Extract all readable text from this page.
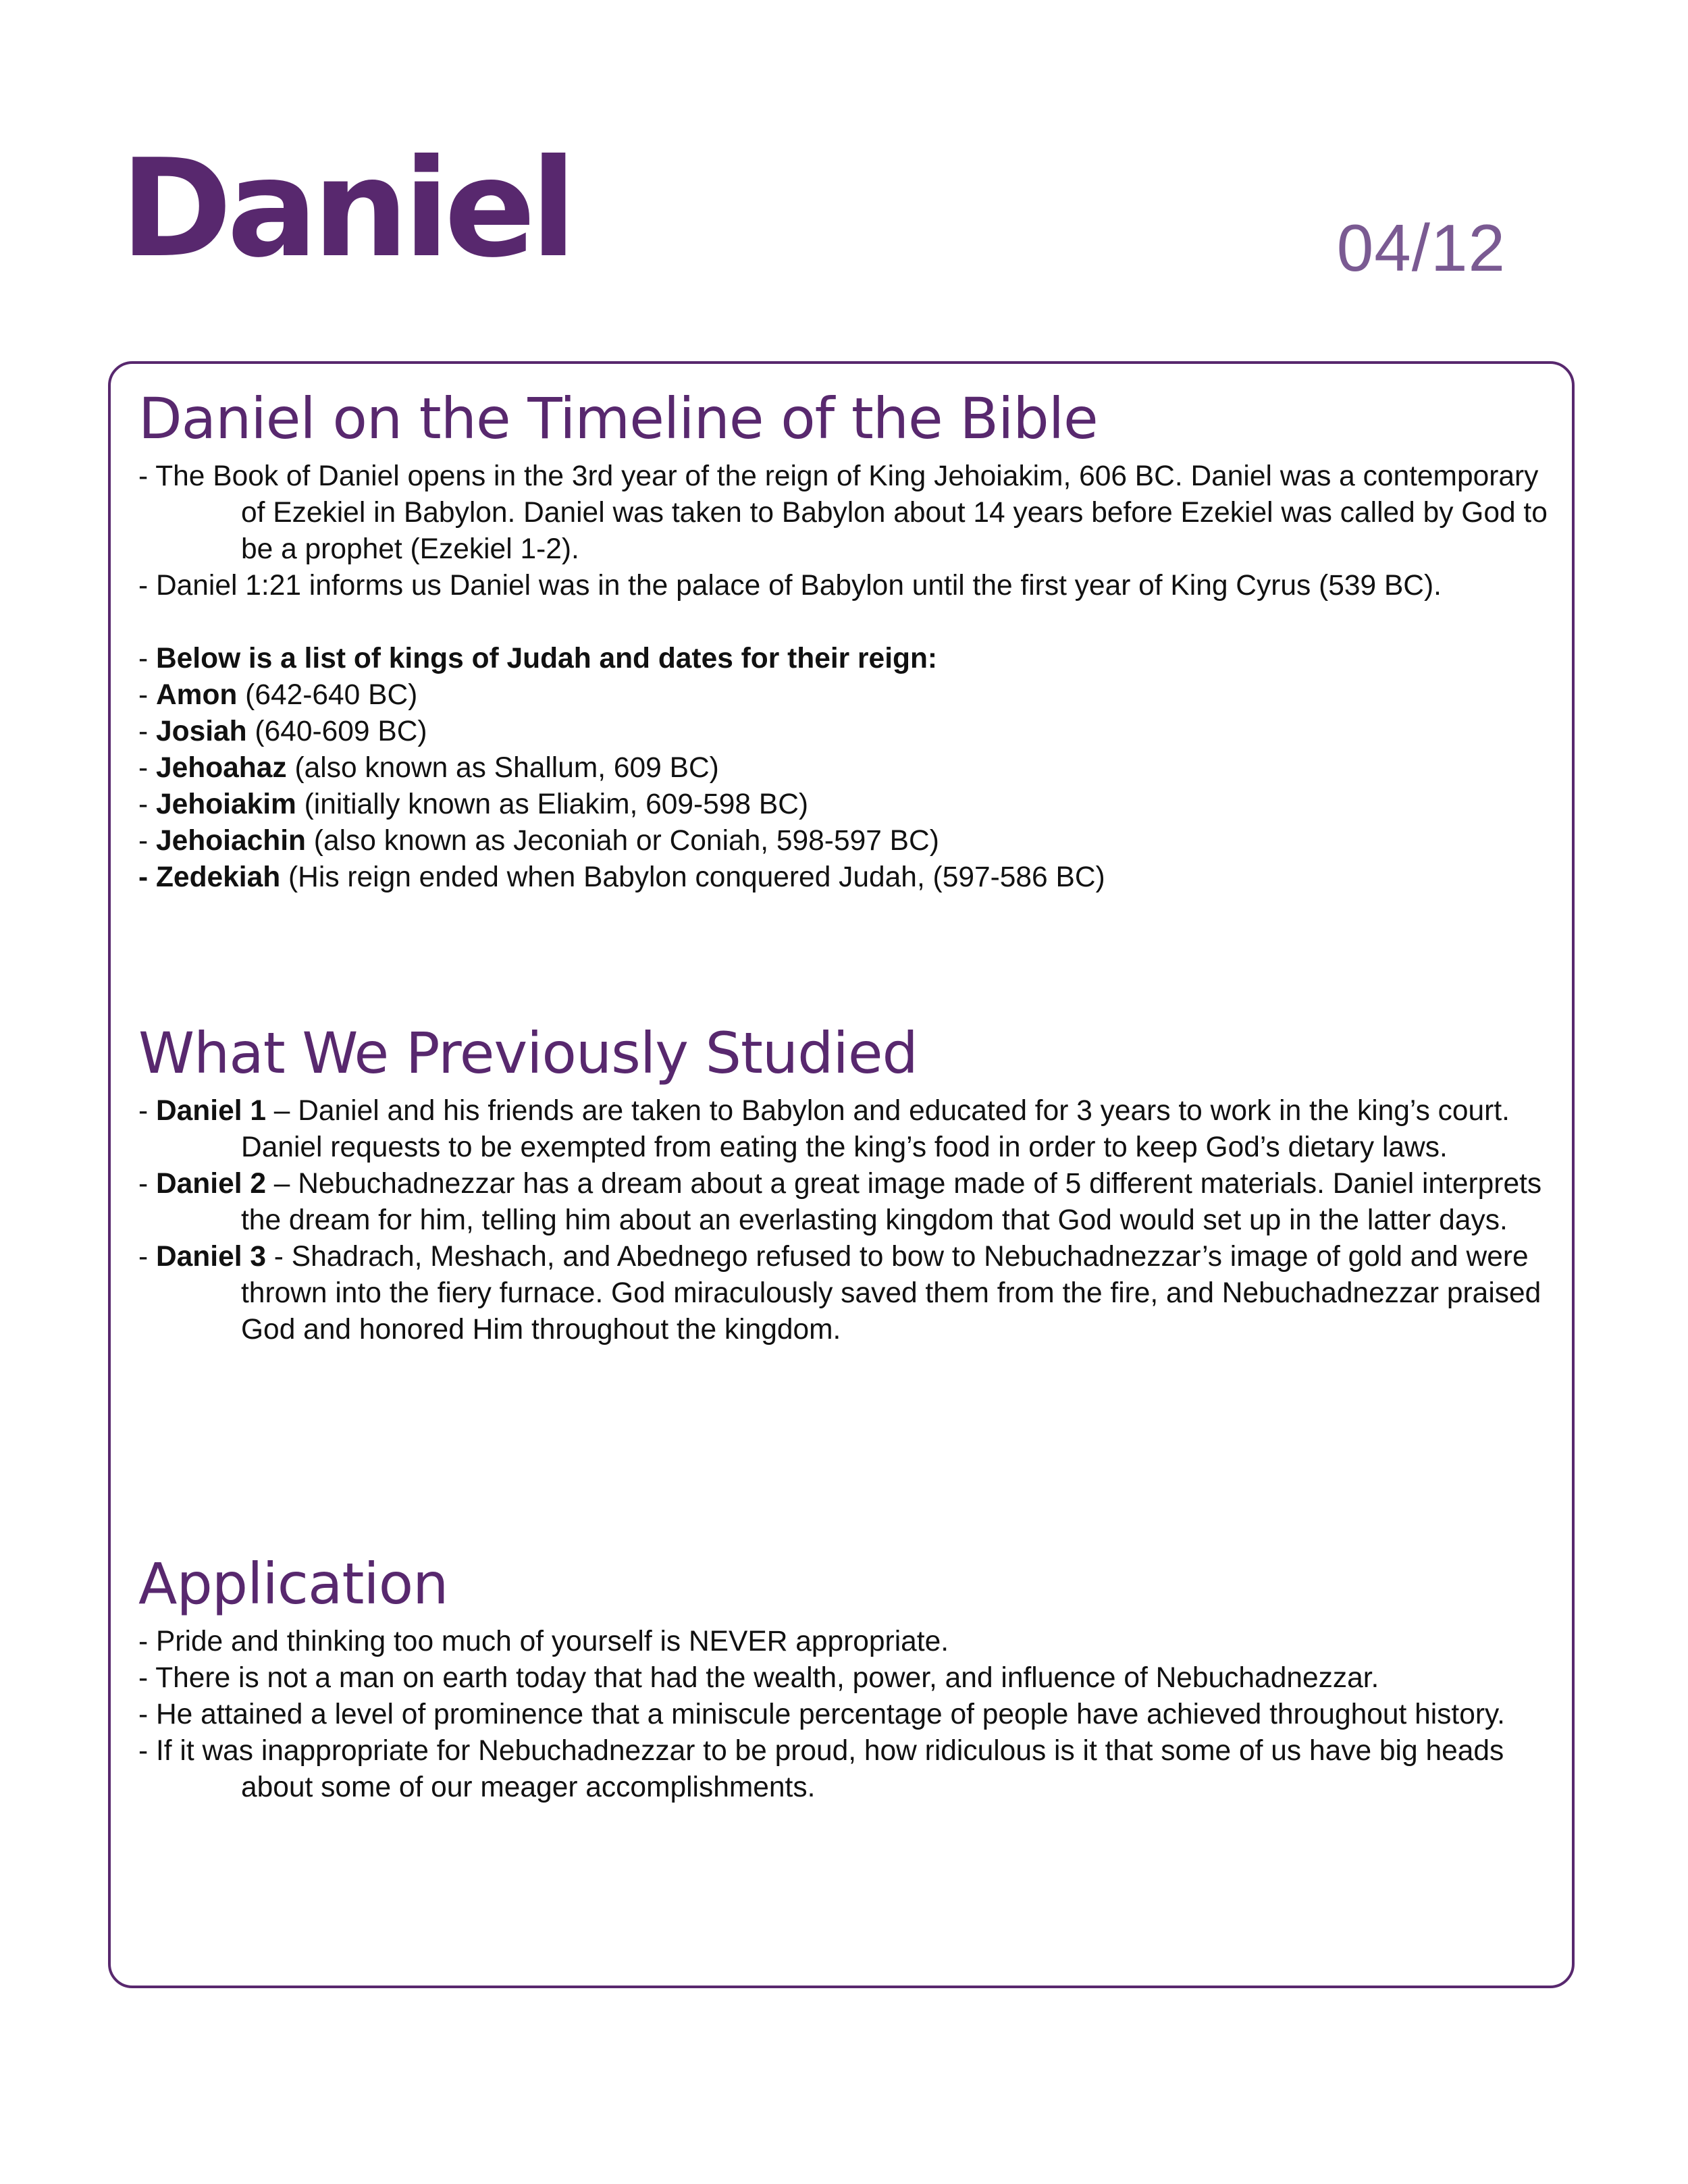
Daniel	04/12
Daniel on the Timeline of the Bible
- The Book of Daniel opens in the 3rd year of the reign of King Jehoiakim, 606 BC. Daniel was a contemporary of Ezekiel in Babylon. Daniel was taken to Babylon about 14 years before Ezekiel was called by God to be a prophet (Ezekiel 1-2).
- Daniel 1:21 informs us Daniel was in the palace of Babylon until the first year of King Cyrus (539 BC).
- Below is a list of kings of Judah and dates for their reign:
- Amon (642-640 BC)
- Josiah (640-609 BC)
- Jehoahaz (also known as Shallum, 609 BC)
- Jehoiakim (initially known as Eliakim, 609-598 BC)
- Jehoiachin (also known as Jeconiah or Coniah, 598-597 BC)
- Zedekiah (His reign ended when Babylon conquered Judah, (597-586 BC)
What We Previously Studied
- Daniel 1 – Daniel and his friends are taken to Babylon and educated for 3 years to work in the king’s court. Daniel requests to be exempted from eating the king’s food in order to keep God’s dietary laws.
- Daniel 2 – Nebuchadnezzar has a dream about a great image made of 5 different materials. Daniel interprets the dream for him, telling him about an everlasting kingdom that God would set up in the latter days.
- Daniel 3 - Shadrach, Meshach, and Abednego refused to bow to Nebuchadnezzar’s image of gold and were thrown into the fiery furnace. God miraculously saved them from the fire, and Nebuchadnezzar praised God and honored Him throughout the kingdom.
Application
- Pride and thinking too much of yourself is NEVER appropriate.
- There is not a man on earth today that had the wealth, power, and influence of Nebuchadnezzar.
- He attained a level of prominence that a miniscule percentage of people have achieved throughout history.
- If it was inappropriate for Nebuchadnezzar to be proud, how ridiculous is it that some of us have big heads about some of our meager accomplishments.
